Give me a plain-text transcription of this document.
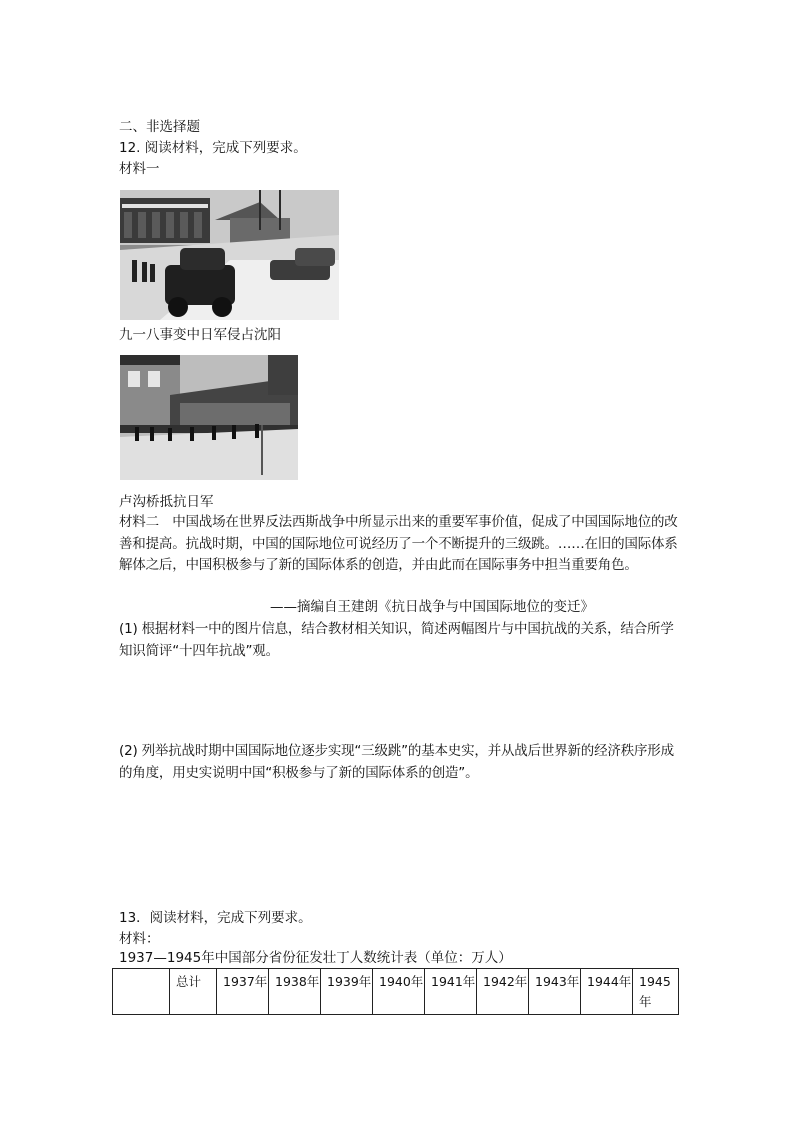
二、非选择题
12. 阅读材料，完成下列要求。
材料一
九一八事变中日军侵占沈阳
卢沟桥抵抗日军
材料二　中国战场在世界反法西斯战争中所显示出来的重要军事价值，促成了中国国际地位的改善和提高。抗战时期，中国的国际地位可说经历了一个不断提升的三级跳。……在旧的国际体系解体之后，中国积极参与了新的国际体系的创造，并由此而在国际事务中担当重要角色。
——摘编自王建朗《抗日战争与中国国际地位的变迁》
(1) 根据材料一中的图片信息，结合教材相关知识，简述两幅图片与中国抗战的关系，结合所学知识简评“十四年抗战”观。
(2) 列举抗战时期中国国际地位逐步实现“三级跳”的基本史实，并从战后世界新的经济秩序形成的角度，用史实说明中国“积极参与了新的国际体系的创造”。
13．阅读材料，完成下列要求。
材料：
1937—1945年中国部分省份征发壮丁人数统计表（单位：万人）
	总计	1937年	1938年	1939年	1940年	1941年	1942年	1943年	1944年	1945年
